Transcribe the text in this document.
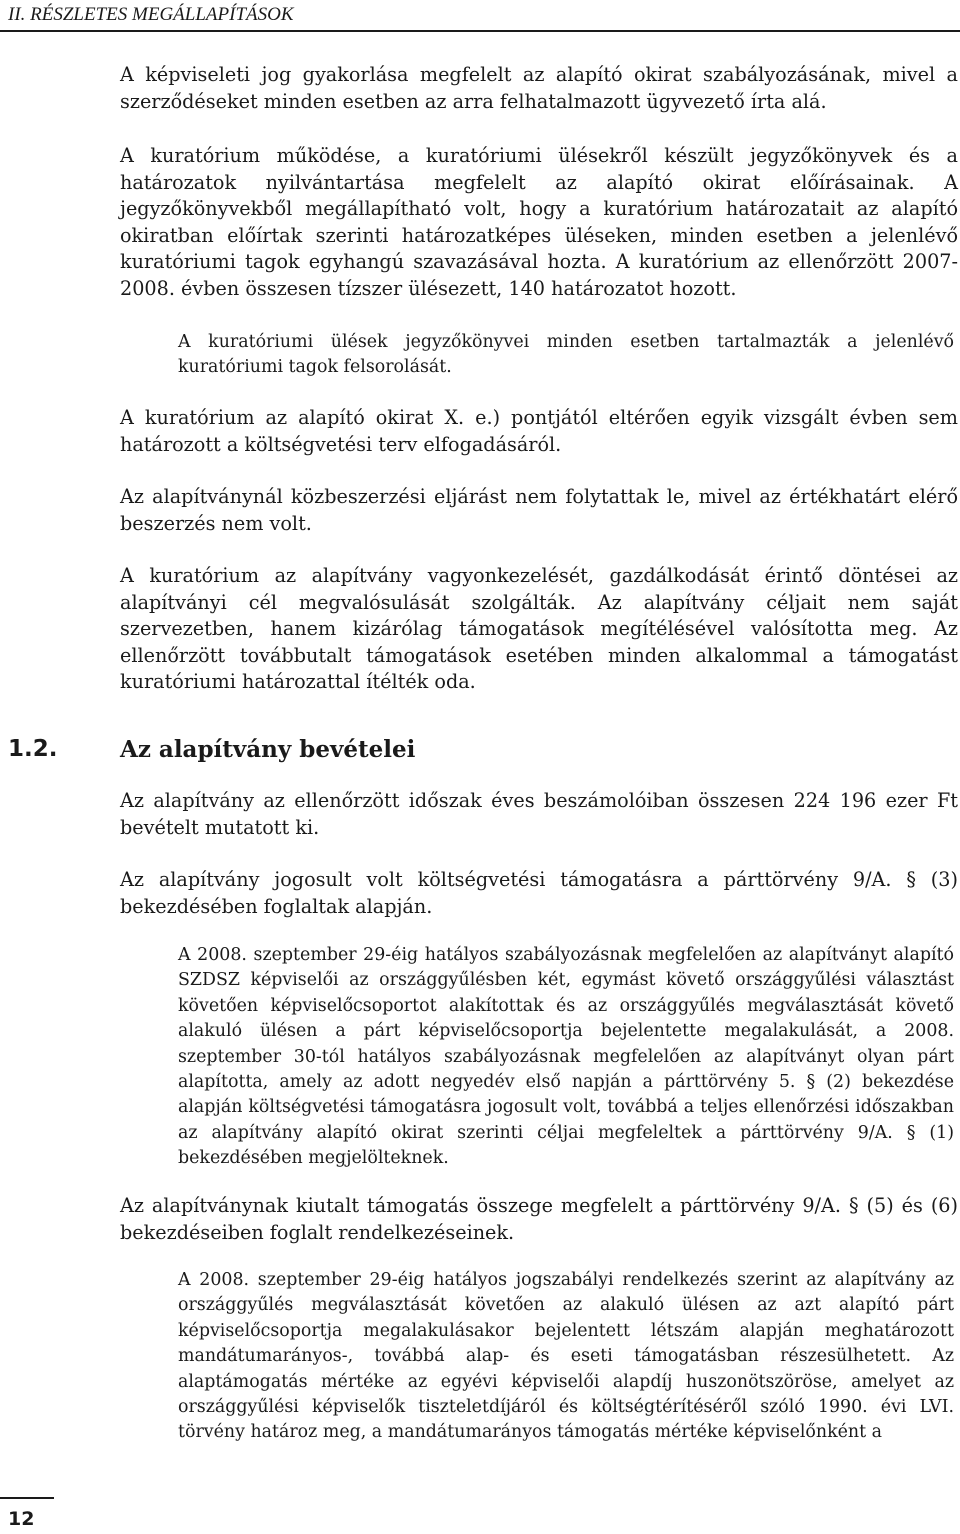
II. RÉSZLETES MEGÁLLAPÍTÁSOK

A képviseleti jog gyakorlása megfelelt az alapító okirat szabályozásának, mivel a szerződéseket minden esetben az arra felhatalmazott ügyvezető írta alá.

A kuratórium működése, a kuratóriumi ülésekről készült jegyzőkönyvek és a határozatok nyilvántartása megfelelt az alapító okirat előírásainak. A jegyzőkönyvekből megállapítható volt, hogy a kuratórium határozatait az alapító okiratban előírtak szerinti határozatképes üléseken, minden esetben a jelenlévő kuratóriumi tagok egyhangú szavazásával hozta. A kuratórium az ellenőrzött 2007-2008. évben összesen tízszer ülésezett, 140 határozatot hozott.

A kuratóriumi ülések jegyzőkönyvei minden esetben tartalmazták a jelenlévő kuratóriumi tagok felsorolását.

A kuratórium az alapító okirat X. e.) pontjától eltérően egyik vizsgált évben sem határozott a költségvetési terv elfogadásáról.

Az alapítványnál közbeszerzési eljárást nem folytattak le, mivel az értékhatárt elérő beszerzés nem volt.

A kuratórium az alapítvány vagyonkezelését, gazdálkodását érintő döntései az alapítványi cél megvalósulását szolgálták. Az alapítvány céljait nem saját szervezetben, hanem kizárólag támogatások megítélésével valósította meg. Az ellenőrzött továbbutalt támogatások esetében minden alkalommal a támogatást kuratóriumi határozattal ítélték oda.

1.2.	Az alapítvány bevételei

Az alapítvány az ellenőrzött időszak éves beszámolóiban összesen 224 196 ezer Ft bevételt mutatott ki.

Az alapítvány jogosult volt költségvetési támogatásra a párttörvény 9/A. § (3) bekezdésében foglaltak alapján.

A 2008. szeptember 29-éig hatályos szabályozásnak megfelelően az alapítványt alapító SZDSZ képviselői az országgyűlésben két, egymást követő országgyűlési választást követően képviselőcsoportot alakítottak és az országgyűlés megválasztását követő alakuló ülésen a párt képviselőcsoportja bejelentette megalakulását, a 2008. szeptember 30-tól hatályos szabályozásnak megfelelően az alapítványt olyan párt alapította, amely az adott negyedév első napján a párttörvény 5. § (2) bekezdése alapján költségvetési támogatásra jogosult volt, továbbá a teljes ellenőrzési időszakban az alapítvány alapító okirat szerinti céljai megfeleltek a párttörvény 9/A. § (1) bekezdésében megjelölteknek.

Az alapítványnak kiutalt támogatás összege megfelelt a párttörvény 9/A. § (5) és (6) bekezdéseiben foglalt rendelkezéseinek.

A 2008. szeptember 29-éig hatályos jogszabályi rendelkezés szerint az alapítvány az országgyűlés megválasztását követően az alakuló ülésen az azt alapító párt képviselőcsoportja megalakulásakor bejelentett létszám alapján meghatározott mandátumarányos-, továbbá alap- és eseti támogatásban részesülhetett. Az alaptámogatás mértéke az egyévi képviselői alapdíj huszonötszöröse, amelyet az országgyűlési képviselők tiszteletdíjáról és költségtérítéséről szóló 1990. évi LVI. törvény határoz meg, a mandátumarányos támogatás mértéke képviselőnként a

12
